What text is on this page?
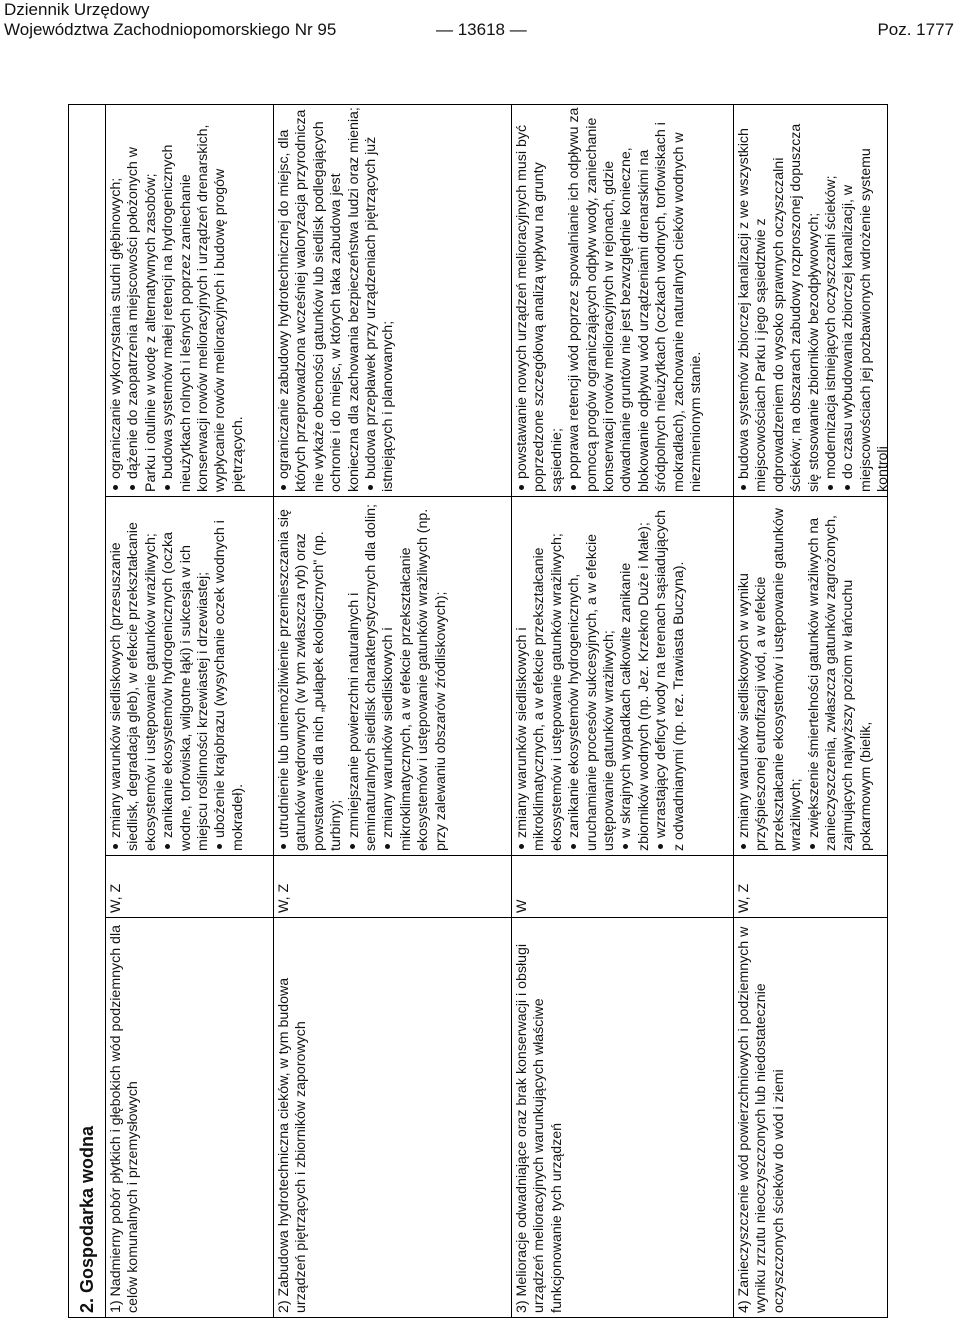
Dziennik Urzędowy
Województwa Zachodniopomorskiego Nr 95	— 13618 —	Poz. 1777
2. Gospodarka wodna 1) Nadmierny pobór płytkich i głębokich wód podziemnych dla celów komunalnych i przemysłowych
W, Z
zmiany warunków siedliskowych (przesuszanie siedlisk, degradacja gleb), w efekcie przekształcanie ekosystemów i ustępowanie gatunków wrażliwych; zanikanie ekosystemów hydrogenicznych (oczka wodne, torfowiska, wilgotne łąki) i sukcesja w ich miejscu roślinności krzewiastej i drzewiastej; ubożenie krajobrazu (wysychanie oczek wodnych i mokradeł).
ograniczanie wykorzystania studni głębinowych; dążenie do zaopatrzenia miejscowości położonych w Parku i otulinie w wodę z alternatywnych zasobów; budowa systemów małej retencji na hydrogenicznych nieużytkach rolnych i leśnych poprzez zaniechanie konserwacji rowów melioracyjnych i urządzeń drenarskich, wypłycanie rowów melioracyjnych i budowę progów piętrzących.
2) Zabudowa hydrotechniczna cieków, w tym budowa urządzeń piętrzących i zbiorników zaporowych
W, Z
utrudnienie lub uniemożliwienie przemieszczania się gatunków wędrownych (w tym zwłaszcza ryb) oraz powstawanie dla nich „pułapek ekologicznych" (np. turbiny); zmniejszanie powierzchni naturalnych i seminaturalnych siedlisk charakterystycznych dla dolin; zmiany warunków siedliskowych i mikroklimatycznych, a w efekcie przekształcanie ekosystemów i ustępowanie gatunków wrażliwych (np. przy zalewaniu obszarów źródliskowych);
ograniczanie zabudowy hydrotechnicznej do miejsc, dla których przeprowadzona wcześniej waloryzacja przyrodnicza nie wykaże obecności gatunków lub siedlisk podlegających ochronie i do miejsc, w których taka zabudowa jest konieczna dla zachowania bezpieczeństwa ludzi oraz mienia; budowa przepławek przy urządzeniach piętrzących już istniejących i planowanych;
3) Melioracje odwadniające oraz brak konserwacji i obsługi urządzeń melioracyjnych warunkujących właściwe funkcjonowanie tych urządzeń
W
zmiany warunków siedliskowych i mikroklimatycznych, a w efekcie przekształcanie ekosystemów i ustępowanie gatunków wrażliwych; zanikanie ekosystemów hydrogenicznych, uruchamianie procesów sukcesyjnych, a w efekcie ustępowanie gatunków wrażliwych; w skrajnych wypadkach całkowite zanikanie zbiorników wodnych (np. Jez. Krzekno Duże i Małe); wzrastający deficyt wody na terenach sąsiadujących z odwadnianymi (np. rez. Trawiasta Buczyna).
powstawanie nowych urządzeń melioracyjnych musi być poprzedzone szczegółową analizą wpływu na grunty sąsiednie; poprawa retencji wód poprzez spowalnianie ich odpływu za pomocą progów ograniczających odpływ wody, zaniechanie konserwacji rowów melioracyjnych w rejonach, gdzie odwadnianie gruntów nie jest bezwzględnie konieczne, blokowanie odpływu wód urządzeniami drenarskimi na śródpolnych nieużytkach (oczkach wodnych, torfowiskach i mokradłach), zachowanie naturalnych cieków wodnych w niezmienionym stanie.
4) Zanieczyszczenie wód powierzchniowych i podziemnych w wyniku zrzutu nieoczyszczonych lub niedostatecznie oczyszczonych ścieków do wód i ziemi
W, Z
zmiany warunków siedliskowych w wyniku przyśpieszonej eutrofizacji wód, a w efekcie przekształcanie ekosystemów i ustępowanie gatunków wrażliwych; zwiększenie śmiertelności gatunków wrażliwych na zanieczyszczenia, zwłaszcza gatunków zagrożonych, zajmujących najwyższy poziom w łańcuchu pokarmowym (bielik,
budowa systemów zbiorczej kanalizacji z we wszystkich miejscowościach Parku i jego sąsiedztwie z odprowadzeniem do wysoko sprawnych oczyszczalni ścieków; na obszarach zabudowy rozproszonej dopuszcza się stosowanie zbiorników bezodpływowych; modernizacja istniejących oczyszczalni ścieków; do czasu wybudowania zbiorczej kanalizacji, w miejscowościach jej pozbawionych wdrożenie systemu kontroli
